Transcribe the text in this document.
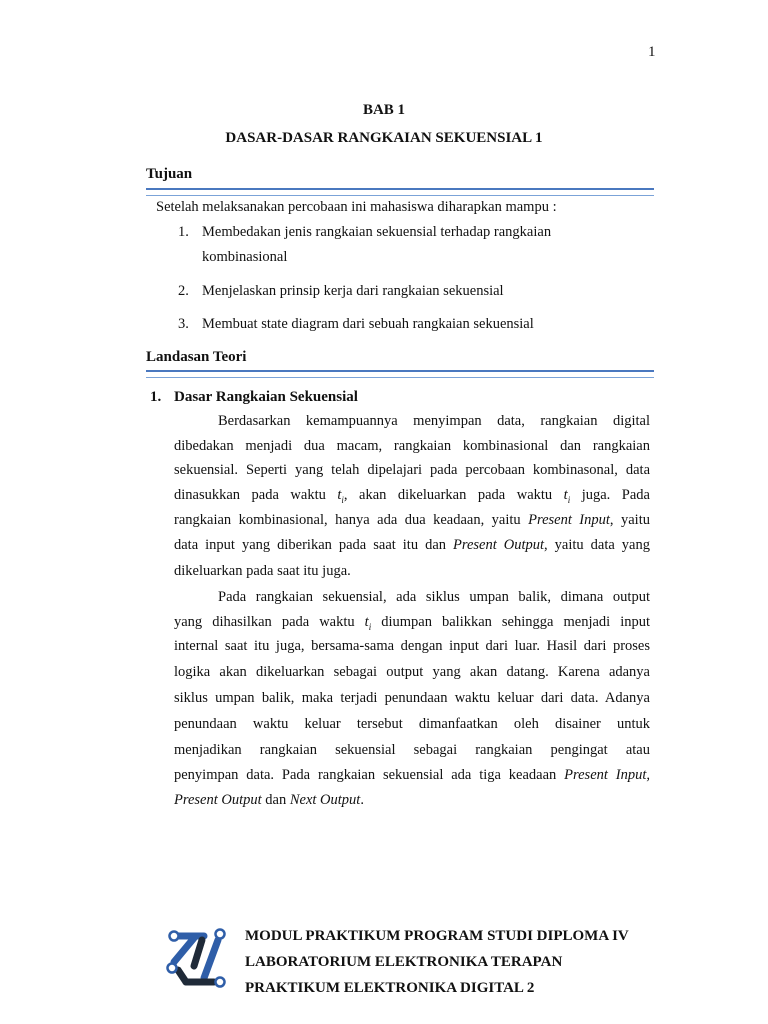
1
BAB 1
DASAR-DASAR RANGKAIAN SEKUENSIAL 1
Tujuan
Setelah melaksanakan percobaan ini mahasiswa diharapkan mampu :
1. Membedakan jenis rangkaian sekuensial terhadap rangkaian
kombinasional
2. Menjelaskan prinsip kerja dari rangkaian sekuensial
3. Membuat state diagram dari sebuah rangkaian sekuensial
Landasan Teori
1. Dasar Rangkaian Sekuensial
Berdasarkan kemampuannya menyimpan data, rangkaian digital
dibedakan menjadi dua macam, rangkaian kombinasional dan rangkaian
sekuensial. Seperti yang telah dipelajari pada percobaan kombinasonal, data
dinasukkan pada waktu $t_i$, akan dikeluarkan pada waktu $t_i$ juga. Pada
rangkaian kombinasional, hanya ada dua keadaan, yaitu Present Input, yaitu
data input yang diberikan pada saat itu dan Present Output, yaitu data yang
dikeluarkan pada saat itu juga.
Pada rangkaian sekuensial, ada siklus umpan balik, dimana output
yang dihasilkan pada waktu $t_i$ diumpan balikkan sehingga menjadi input
internal saat itu juga, bersama-sama dengan input dari luar. Hasil dari proses
logika akan dikeluarkan sebagai output yang akan datang. Karena adanya
siklus umpan balik, maka terjadi penundaan waktu keluar dari data. Adanya
penundaan waktu keluar tersebut dimanfaatkan oleh disainer untuk
menjadikan rangkaian sekuensial sebagai rangkaian pengingat atau
penyimpan data. Pada rangkaian sekuensial ada tiga keadaan Present Input,
Present Output dan Next Output.
MODUL PRAKTIKUM PROGRAM STUDI DIPLOMA IV
LABORATORIUM ELEKTRONIKA TERAPAN
PRAKTIKUM ELEKTRONIKA DIGITAL 2
